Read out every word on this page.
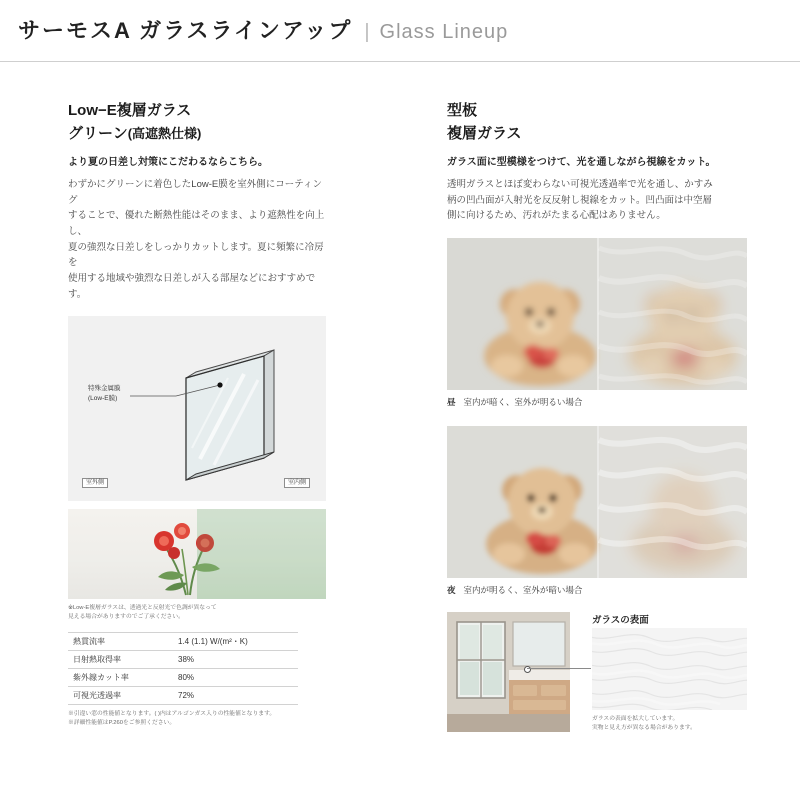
サーモスA ガラスラインアップ | Glass Lineup
Low−E複層ガラス
グリーン(高遮熱仕様)

より夏の日差し対策にこだわるならこちら。

わずかにグリーンに着色したLow-E膜を室外側にコーティング
することで、優れた断熱性能はそのまま、より遮熱性を向上し、
夏の強烈な日差しをしっかりカットします。夏に頻繁に冷房を
使用する地域や強烈な日差しが入る部屋などにおすすめです。

特殊金属膜
(Low-E膜)
室外側	室内側
※Low-E複層ガラスは、透過光と反射光で色調が異なって
見える場合がありますのでご了承ください。
熱貫流率	1.4 (1.1) W/(m²・K)
日射熱取得率	38%
紫外線カット率	80%
可視光透過率	72%
※引違い窓の性能値となります。( )内はアルゴンガス入りの性能値となります。
※詳細性能値はP.260をご参照ください。
型板
複層ガラス

ガラス面に型模様をつけて、光を通しながら視線をカット。

透明ガラスとほぼ変わらない可視光透過率で光を通し、かすみ
柄の凹凸面が入射光を反反射し視線をカット。凹凸面は中空層
側に向けるため、汚れがたまる心配はありません。

昼 室内が暗く、室外が明るい場合
夜 室内が明るく、室外が暗い場合
ガラスの表面
ガラスの表面を拡大しています。
実物と見え方が異なる場合があります。
